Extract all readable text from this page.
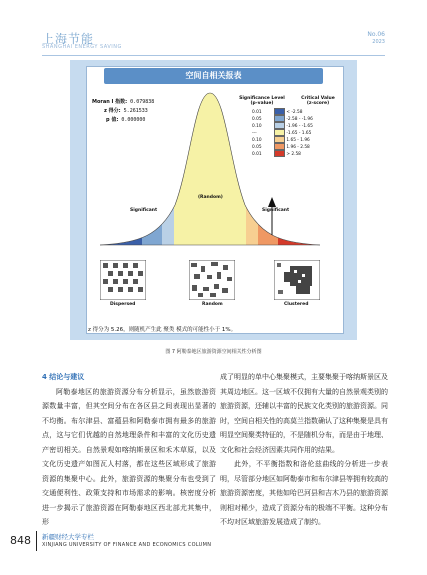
上海节能
SHANGHAI ENERGY SAVING
No.06
2023
空间自相关报表
Moran I 指数: 0.079838
z 得分: 5.261533
p 值: 0.000000
Significance Level
(p-value)
Critical Value
(z-score)
0.01	< -2.58
0.05	-2.58 - -1.96
0.10	-1.96 - -1.65
---	-1.65 - 1.65
0.10	1.65 - 1.96
0.05	1.96 - 2.58
0.01	> 2.58
Significant
(Random)
Significant
Dispersed	Random	Clustered
z 得分为 5.26，则随机产生此 聚类 模式的可能性小于 1%。
图 7 阿勒泰地区旅游资源空间相关性分析图
4 结论与建议

阿勒泰地区的旅游资源分布分析显示，虽然旅游资源数量丰富，但其空间分布在各区县之间表现出显著的不均衡。布尔津县、富蕴县和阿勒泰市拥有最多的旅游点，这与它们优越的自然地理条件和丰富的文化历史遗产密切相关。自然景观如喀纳斯景区和禾木草原，以及文化历史遗产如图瓦人村落，都在这些区域形成了旅游资源的集聚中心。此外，旅游资源的集聚分布也受到了交通便利性、政策支持和市场需求的影响。核密度分析进一步揭示了旅游资源在阿勒泰地区西北部尤其集中，形

成了明显的单中心集聚模式，主要集聚于喀纳斯景区及其周边地区。这一区域不仅拥有大量的自然景观类别的旅游资源，还辅以丰富的民族文化类别的旅游资源。同时，空间自相关性的高莫兰指数确认了这种集聚是具有明显空间聚类特征的，不是随机分布，而是由于地理、文化和社会经济因素共同作用的结果。

此外，不平衡指数和洛伦兹曲线的分析进一步表明，尽管部分地区如阿勒泰市和布尔津县等拥有较高的旅游资源密度，其他如哈巴河县和吉木乃县的旅游资源则相对稀少，造成了资源分布的极端不平衡。这种分布不均对区域旅游发展造成了制约。

848 新疆财经大学专栏
XINJIANG UNIVERSITY OF FINANCE AND ECONOMICS COLUMN
